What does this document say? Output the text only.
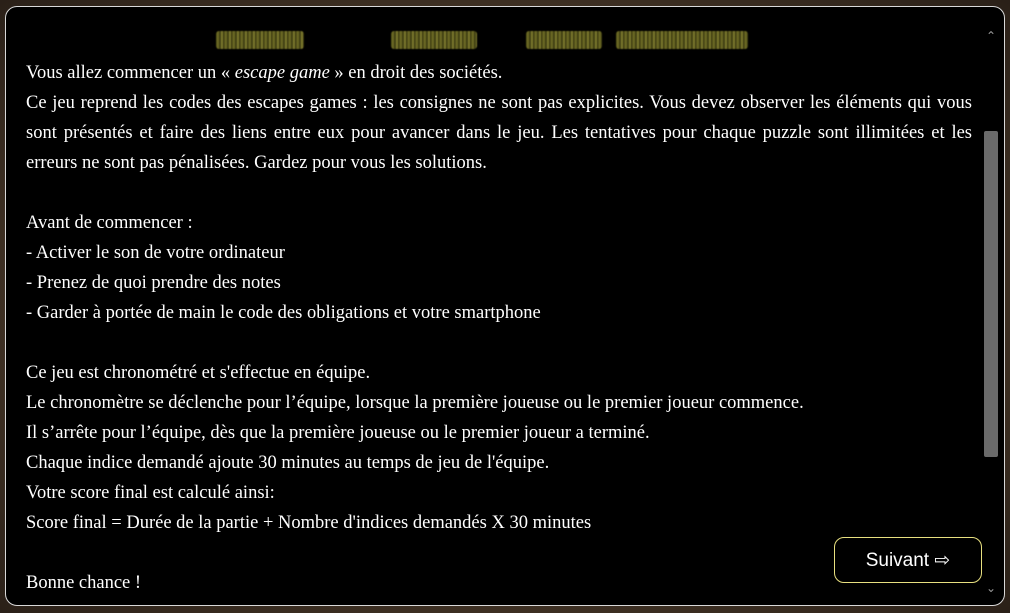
Vous allez commencer un « escape game » en droit des sociétés.

Ce jeu reprend les codes des escapes games : les consignes ne sont pas explicites. Vous devez observer les éléments qui vous sont présentés et faire des liens entre eux pour avancer dans le jeu. Les tentatives pour chaque puzzle sont illimitées et les erreurs ne sont pas pénalisées. Gardez pour vous les solutions.

Avant de commencer :

- Activer le son de votre ordinateur

- Prenez de quoi prendre des notes

- Garder à portée de main le code des obligations et votre smartphone

Ce jeu est chronométré et s'effectue en équipe.

Le chronomètre se déclenche pour l’équipe, lorsque la première joueuse ou le premier joueur commence.

Il s’arrête pour l’équipe, dès que la première joueuse ou le premier joueur a terminé.

Chaque indice demandé ajoute 30 minutes au temps de jeu de l'équipe.

Votre score final est calculé ainsi:

Score final = Durée de la partie + Nombre d'indices demandés X 30 minutes

Bonne chance !

⌃
⌄
Suivant ⇨
